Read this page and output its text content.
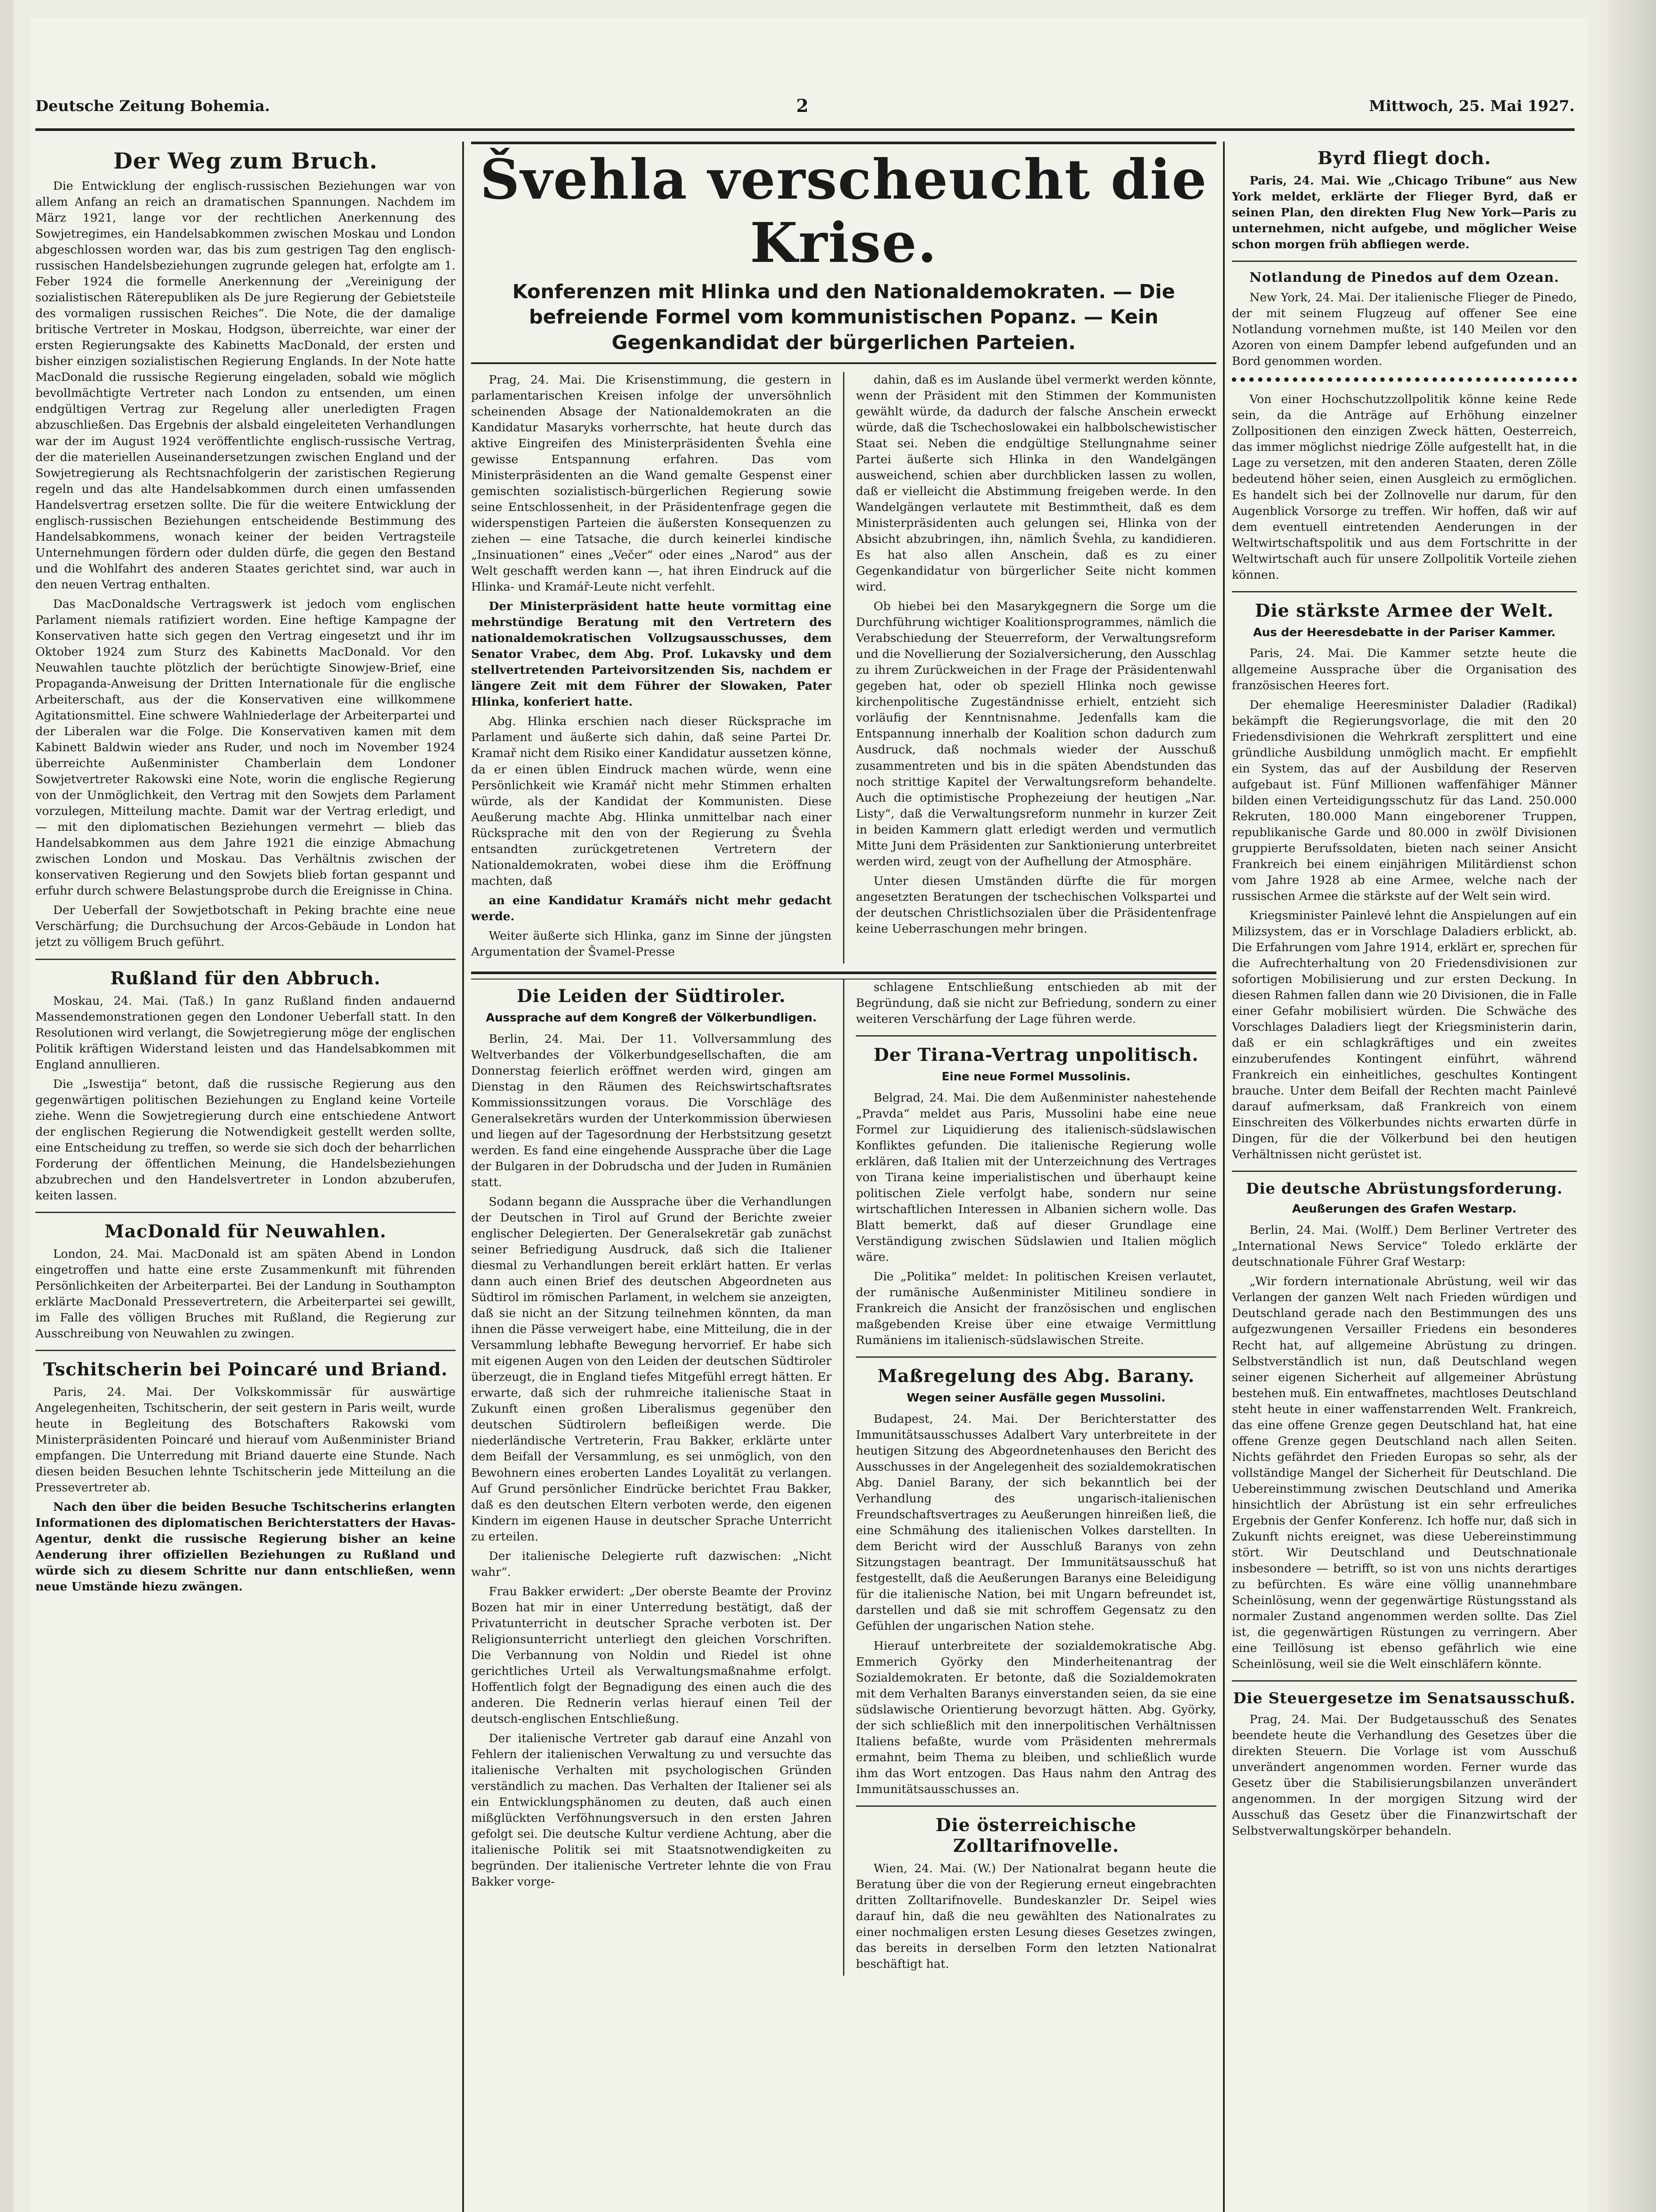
Deutsche Zeitung Bohemia.	2	Mittwoch, 25. Mai 1927.
Der Weg zum Bruch.

Die Entwicklung der englisch-russischen Beziehungen war von allem Anfang an reich an dramatischen Spannungen. Nachdem im März 1921, lange vor der rechtlichen Anerkennung des Sowjetregimes, ein Handelsabkommen zwischen Moskau und London abgeschlossen worden war, das bis zum gestrigen Tag den englisch-russischen Handelsbeziehungen zugrunde gelegen hat, erfolgte am 1. Feber 1924 die formelle Anerkennung der „Vereinigung der sozialistischen Räterepubliken als De jure Regierung der Gebietsteile des vormaligen russischen Reiches“. Die Note, die der damalige britische Vertreter in Moskau, Hodgson, überreichte, war einer der ersten Regierungsakte des Kabinetts MacDonald, der ersten und bisher einzigen sozialistischen Regierung Englands. In der Note hatte MacDonald die russische Regierung eingeladen, sobald wie möglich bevollmächtigte Vertreter nach London zu entsenden, um einen endgültigen Vertrag zur Regelung aller unerledigten Fragen abzuschließen. Das Ergebnis der alsbald eingeleiteten Verhandlungen war der im August 1924 veröffentlichte englisch-russische Vertrag, der die materiellen Auseinandersetzungen zwischen England und der Sowjetregierung als Rechtsnachfolgerin der zaristischen Regierung regeln und das alte Handelsabkommen durch einen umfassenden Handelsvertrag ersetzen sollte. Die für die weitere Entwicklung der englisch-russischen Beziehungen entscheidende Bestimmung des Handelsabkommens, wonach keiner der beiden Vertragsteile Unternehmungen fördern oder dulden dürfe, die gegen den Bestand und die Wohlfahrt des anderen Staates gerichtet sind, war auch in den neuen Vertrag enthalten.

Das MacDonaldsche Vertragswerk ist jedoch vom englischen Parlament niemals ratifiziert worden. Eine heftige Kampagne der Konservativen hatte sich gegen den Vertrag eingesetzt und ihr im Oktober 1924 zum Sturz des Kabinetts MacDonald. Vor den Neuwahlen tauchte plötzlich der berüchtigte Sinowjew-Brief, eine Propaganda-Anweisung der Dritten Internationale für die englische Arbeiterschaft, aus der die Konservativen eine willkommene Agitationsmittel. Eine schwere Wahlniederlage der Arbeiterpartei und der Liberalen war die Folge. Die Konservativen kamen mit dem Kabinett Baldwin wieder ans Ruder, und noch im November 1924 überreichte Außenminister Chamberlain dem Londoner Sowjetvertreter Rakowski eine Note, worin die englische Regierung von der Unmöglichkeit, den Vertrag mit den Sowjets dem Parlament vorzulegen, Mitteilung machte. Damit war der Vertrag erledigt, und — mit den diplomatischen Beziehungen vermehrt — blieb das Handelsabkommen aus dem Jahre 1921 die einzige Abmachung zwischen London und Moskau. Das Verhältnis zwischen der konservativen Regierung und den Sowjets blieb fortan gespannt und erfuhr durch schwere Belastungsprobe durch die Ereignisse in China.

Der Ueberfall der Sowjetbotschaft in Peking brachte eine neue Verschärfung; die Durchsuchung der Arcos-Gebäude in London hat jetzt zu völligem Bruch geführt.

Rußland für den Abbruch.

Moskau, 24. Mai. (Taß.) In ganz Rußland finden andauernd Massendemonstrationen gegen den Londoner Ueberfall statt. In den Resolutionen wird verlangt, die Sowjetregierung möge der englischen Politik kräftigen Widerstand leisten und das Handelsabkommen mit England annullieren.

Die „Iswestija“ betont, daß die russische Regierung aus den gegenwärtigen politischen Beziehungen zu England keine Vorteile ziehe. Wenn die Sowjetregierung durch eine entschiedene Antwort der englischen Regierung die Notwendigkeit gestellt werden sollte, eine Entscheidung zu treffen, so werde sie sich doch der beharrlichen Forderung der öffentlichen Meinung, die Handelsbeziehungen abzubrechen und den Handelsvertreter in London abzuberufen, keiten lassen.

MacDonald für Neuwahlen.

London, 24. Mai. MacDonald ist am späten Abend in London eingetroffen und hatte eine erste Zusammenkunft mit führenden Persönlichkeiten der Arbeiterpartei. Bei der Landung in Southampton erklärte MacDonald Pressevertretern, die Arbeiterpartei sei gewillt, im Falle des völligen Bruches mit Rußland, die Regierung zur Ausschreibung von Neuwahlen zu zwingen.

Tschitscherin bei Poincaré und Briand.

Paris, 24. Mai. Der Volkskommissär für auswärtige Angelegenheiten, Tschitscherin, der seit gestern in Paris weilt, wurde heute in Begleitung des Botschafters Rakowski vom Ministerpräsidenten Poincaré und hierauf vom Außenminister Briand empfangen. Die Unterredung mit Briand dauerte eine Stunde. Nach diesen beiden Besuchen lehnte Tschitscherin jede Mitteilung an die Pressevertreter ab.

Nach den über die beiden Besuche Tschitscherins erlangten Informationen des diplomatischen Berichterstatters der Havas-Agentur, denkt die russische Regierung bisher an keine Aenderung ihrer offiziellen Beziehungen zu Rußland und würde sich zu diesem Schritte nur dann entschließen, wenn neue Umstände hiezu zwängen.

Švehla verscheucht die Krise.
Konferenzen mit Hlinka und den Nationaldemokraten. — Die befreiende Formel vom kommunistischen Popanz. — Kein Gegenkandidat der bürgerlichen Parteien.

Prag, 24. Mai. Die Krisenstimmung, die gestern in parlamentarischen Kreisen infolge der unversöhnlich scheinenden Absage der Nationaldemokraten an die Kandidatur Masaryks vorherrschte, hat heute durch das aktive Eingreifen des Ministerpräsidenten Švehla eine gewisse Entspannung erfahren. Das vom Ministerpräsidenten an die Wand gemalte Gespenst einer gemischten sozialistisch-bürgerlichen Regierung sowie seine Entschlossenheit, in der Präsidentenfrage gegen die widerspenstigen Parteien die äußersten Konsequenzen zu ziehen — eine Tatsache, die durch keinerlei kindische „Insinuationen“ eines „Večer“ oder eines „Narod“ aus der Welt geschafft werden kann —, hat ihren Eindruck auf die Hlinka- und Kramář-Leute nicht verfehlt.

Der Ministerpräsident hatte heute vormittag eine mehrstündige Beratung mit den Vertretern des nationaldemokratischen Vollzugsausschusses, dem Senator Vrabec, dem Abg. Prof. Lukavsky und dem stellvertretenden Parteivorsitzenden Sis, nachdem er längere Zeit mit dem Führer der Slowaken, Pater Hlinka, konferiert hatte.

Abg. Hlinka erschien nach dieser Rücksprache im Parlament und äußerte sich dahin, daß seine Partei Dr. Kramař nicht dem Risiko einer Kandidatur aussetzen könne, da er einen üblen Eindruck machen würde, wenn eine Persönlichkeit wie Kramář nicht mehr Stimmen erhalten würde, als der Kandidat der Kommunisten. Diese Aeußerung machte Abg. Hlinka unmittelbar nach einer Rücksprache mit den von der Regierung zu Švehla entsandten zurückgetretenen Vertretern der Nationaldemokraten, wobei diese ihm die Eröffnung machten, daß

an eine Kandidatur Kramářs nicht mehr gedacht werde.

Weiter äußerte sich Hlinka, ganz im Sinne der jüngsten Argumentation der Švamel-Presse

dahin, daß es im Auslande übel vermerkt werden könnte, wenn der Präsident mit den Stimmen der Kommunisten gewählt würde, da dadurch der falsche Anschein erweckt würde, daß die Tschechoslowakei ein halbbolschewistischer Staat sei. Neben die endgültige Stellungnahme seiner Partei äußerte sich Hlinka in den Wandelgängen ausweichend, schien aber durchblicken lassen zu wollen, daß er vielleicht die Abstimmung freigeben werde. In den Wandelgängen verlautete mit Bestimmtheit, daß es dem Ministerpräsidenten auch gelungen sei, Hlinka von der Absicht abzubringen, ihn, nämlich Švehla, zu kandidieren. Es hat also allen Anschein, daß es zu einer Gegenkandidatur von bürgerlicher Seite nicht kommen wird.

Ob hiebei bei den Masarykgegnern die Sorge um die Durchführung wichtiger Koalitionsprogrammes, nämlich die Verabschiedung der Steuerreform, der Verwaltungsreform und die Novellierung der Sozialversicherung, den Ausschlag zu ihrem Zurückweichen in der Frage der Präsidentenwahl gegeben hat, oder ob speziell Hlinka noch gewisse kirchenpolitische Zugeständnisse erhielt, entzieht sich vorläufig der Kenntnisnahme. Jedenfalls kam die Entspannung innerhalb der Koalition schon dadurch zum Ausdruck, daß nochmals wieder der Ausschuß zusammentreten und bis in die späten Abendstunden das noch strittige Kapitel der Verwaltungsreform behandelte. Auch die optimistische Prophezeiung der heutigen „Nar. Listy“, daß die Verwaltungsreform nunmehr in kurzer Zeit in beiden Kammern glatt erledigt werden und vermutlich Mitte Juni dem Präsidenten zur Sanktionierung unterbreitet werden wird, zeugt von der Aufhellung der Atmosphäre.

Unter diesen Umständen dürfte die für morgen angesetzten Beratungen der tschechischen Volkspartei und der deutschen Christlichsozialen über die Präsidentenfrage keine Ueberraschungen mehr bringen.

Die Leiden der Südtiroler.
Aussprache auf dem Kongreß der Völkerbundligen.

Berlin, 24. Mai. Der 11. Vollversammlung des Weltverbandes der Völkerbundgesellschaften, die am Donnerstag feierlich eröffnet werden wird, gingen am Dienstag in den Räumen des Reichswirtschaftsrates Kommissionssitzungen voraus. Die Vorschläge des Generalsekretärs wurden der Unterkommission überwiesen und liegen auf der Tagesordnung der Herbstsitzung gesetzt werden. Es fand eine eingehende Aussprache über die Lage der Bulgaren in der Dobrudscha und der Juden in Rumänien statt.

Sodann begann die Aussprache über die Verhandlungen der Deutschen in Tirol auf Grund der Berichte zweier englischer Delegierten. Der Generalsekretär gab zunächst seiner Befriedigung Ausdruck, daß sich die Italiener diesmal zu Verhandlungen bereit erklärt hatten. Er verlas dann auch einen Brief des deutschen Abgeordneten aus Südtirol im römischen Parlament, in welchem sie anzeigten, daß sie nicht an der Sitzung teilnehmen könnten, da man ihnen die Pässe verweigert habe, eine Mitteilung, die in der Versammlung lebhafte Bewegung hervorrief. Er habe sich mit eigenen Augen von den Leiden der deutschen Südtiroler überzeugt, die in England tiefes Mitgefühl erregt hätten. Er erwarte, daß sich der ruhmreiche italienische Staat in Zukunft einen großen Liberalismus gegenüber den deutschen Südtirolern befleißigen werde. Die niederländische Vertreterin, Frau Bakker, erklärte unter dem Beifall der Versammlung, es sei unmöglich, von den Bewohnern eines eroberten Landes Loyalität zu verlangen. Auf Grund persönlicher Eindrücke berichtet Frau Bakker, daß es den deutschen Eltern verboten werde, den eigenen Kindern im eigenen Hause in deutscher Sprache Unterricht zu erteilen.

Der italienische Delegierte ruft dazwischen: „Nicht wahr“.

Frau Bakker erwidert: „Der oberste Beamte der Provinz Bozen hat mir in einer Unterredung bestätigt, daß der Privatunterricht in deutscher Sprache verboten ist. Der Religionsunterricht unterliegt den gleichen Vorschriften. Die Verbannung von Noldin und Riedel ist ohne gerichtliches Urteil als Verwaltungsmaßnahme erfolgt. Hoffentlich folgt der Begnadigung des einen auch die des anderen. Die Rednerin verlas hierauf einen Teil der deutsch-englischen Entschließung.

Der italienische Vertreter gab darauf eine Anzahl von Fehlern der italienischen Verwaltung zu und versuchte das italienische Verhalten mit psychologischen Gründen verständlich zu machen. Das Verhalten der Italiener sei als ein Entwicklungsphänomen zu deuten, daß auch einen mißglückten Verföhnungsversuch in den ersten Jahren gefolgt sei. Die deutsche Kultur verdiene Achtung, aber die italienische Politik sei mit Staatsnotwendigkeiten zu begründen. Der italienische Vertreter lehnte die von Frau Bakker vorge-

schlagene Entschließung entschieden ab mit der Begründung, daß sie nicht zur Befriedung, sondern zu einer weiteren Verschärfung der Lage führen werde.

Der Tirana-Vertrag unpolitisch.
Eine neue Formel Mussolinis.

Belgrad, 24. Mai. Die dem Außenminister nahestehende „Pravda“ meldet aus Paris, Mussolini habe eine neue Formel zur Liquidierung des italienisch-südslawischen Konfliktes gefunden. Die italienische Regierung wolle erklären, daß Italien mit der Unterzeichnung des Vertrages von Tirana keine imperialistischen und überhaupt keine politischen Ziele verfolgt habe, sondern nur seine wirtschaftlichen Interessen in Albanien sichern wolle. Das Blatt bemerkt, daß auf dieser Grundlage eine Verständigung zwischen Südslawien und Italien möglich wäre.

Die „Politika“ meldet: In politischen Kreisen verlautet, der rumänische Außenminister Mitilineu sondiere in Frankreich die Ansicht der französischen und englischen maßgebenden Kreise über eine etwaige Vermittlung Rumäniens im italienisch-südslawischen Streite.

Maßregelung des Abg. Barany.
Wegen seiner Ausfälle gegen Mussolini.

Budapest, 24. Mai. Der Berichterstatter des Immunitätsausschusses Adalbert Vary unterbreitete in der heutigen Sitzung des Abgeordnetenhauses den Bericht des Ausschusses in der Angelegenheit des sozialdemokratischen Abg. Daniel Barany, der sich bekanntlich bei der Verhandlung des ungarisch-italienischen Freundschaftsvertrages zu Aeußerungen hinreißen ließ, die eine Schmähung des italienischen Volkes darstellten. In dem Bericht wird der Ausschluß Baranys von zehn Sitzungstagen beantragt. Der Immunitätsausschuß hat festgestellt, daß die Aeußerungen Baranys eine Beleidigung für die italienische Nation, bei mit Ungarn befreundet ist, darstellen und daß sie mit schroffem Gegensatz zu den Gefühlen der ungarischen Nation stehe.

Hierauf unterbreitete der sozialdemokratische Abg. Emmerich Györky den Minderheitenantrag der Sozialdemokraten. Er betonte, daß die Sozialdemokraten mit dem Verhalten Baranys einverstanden seien, da sie eine südslawische Orientierung bevorzugt hätten. Abg. Györky, der sich schließlich mit den innerpolitischen Verhältnissen Italiens befaßte, wurde vom Präsidenten mehrermals ermahnt, beim Thema zu bleiben, und schließlich wurde ihm das Wort entzogen. Das Haus nahm den Antrag des Immunitätsausschusses an.

Die österreichische Zolltarifnovelle.

Wien, 24. Mai. (W.) Der Nationalrat begann heute die Beratung über die von der Regierung erneut eingebrachten dritten Zolltarifnovelle. Bundeskanzler Dr. Seipel wies darauf hin, daß die neu gewählten des Nationalrates zu einer nochmaligen ersten Lesung dieses Gesetzes zwingen, das bereits in derselben Form den letzten Nationalrat beschäftigt hat.

Byrd fliegt doch.

Paris, 24. Mai. Wie „Chicago Tribune“ aus New York meldet, erklärte der Flieger Byrd, daß er seinen Plan, den direkten Flug New York—Paris zu unternehmen, nicht aufgebe, und möglicher Weise schon morgen früh abfliegen werde.

Notlandung de Pinedos auf dem Ozean.

New York, 24. Mai. Der italienische Flieger de Pinedo, der mit seinem Flugzeug auf offener See eine Notlandung vornehmen mußte, ist 140 Meilen vor den Azoren von einem Dampfer lebend aufgefunden und an Bord genommen worden.

Von einer Hochschutzzollpolitik könne keine Rede sein, da die Anträge auf Erhöhung einzelner Zollpositionen den einzigen Zweck hätten, Oesterreich, das immer möglichst niedrige Zölle aufgestellt hat, in die Lage zu versetzen, mit den anderen Staaten, deren Zölle bedeutend höher seien, einen Ausgleich zu ermöglichen. Es handelt sich bei der Zollnovelle nur darum, für den Augenblick Vorsorge zu treffen. Wir hoffen, daß wir auf dem eventuell eintretenden Aenderungen in der Weltwirtschaftspolitik und aus dem Fortschritte in der Weltwirtschaft auch für unsere Zollpolitik Vorteile ziehen können.

Die stärkste Armee der Welt.
Aus der Heeresdebatte in der Pariser Kammer.

Paris, 24. Mai. Die Kammer setzte heute die allgemeine Aussprache über die Organisation des französischen Heeres fort.

Der ehemalige Heeresminister Daladier (Radikal) bekämpft die Regierungsvorlage, die mit den 20 Friedensdivisionen die Wehrkraft zersplittert und eine gründliche Ausbildung unmöglich macht. Er empfiehlt ein System, das auf der Ausbildung der Reserven aufgebaut ist. Fünf Millionen waffenfähiger Männer bilden einen Verteidigungsschutz für das Land. 250.000 Rekruten, 180.000 Mann eingeborener Truppen, republikanische Garde und 80.000 in zwölf Divisionen gruppierte Berufssoldaten, bieten nach seiner Ansicht Frankreich bei einem einjährigen Militärdienst schon vom Jahre 1928 ab eine Armee, welche nach der russischen Armee die stärkste auf der Welt sein wird.

Kriegsminister Painlevé lehnt die Anspielungen auf ein Milizsystem, das er in Vorschlage Daladiers erblickt, ab. Die Erfahrungen vom Jahre 1914, erklärt er, sprechen für die Aufrechterhaltung von 20 Friedensdivisionen zur sofortigen Mobilisierung und zur ersten Deckung. In diesen Rahmen fallen dann wie 20 Divisionen, die in Falle einer Gefahr mobilisiert würden. Die Schwäche des Vorschlages Daladiers liegt der Kriegsministerin darin, daß er ein schlagkräftiges und ein zweites einzuberufendes Kontingent einführt, während Frankreich ein einheitliches, geschultes Kontingent brauche. Unter dem Beifall der Rechten macht Painlevé darauf aufmerksam, daß Frankreich von einem Einschreiten des Völkerbundes nichts erwarten dürfe in Dingen, für die der Völkerbund bei den heutigen Verhältnissen nicht gerüstet ist.

Die deutsche Abrüstungsforderung.
Aeußerungen des Grafen Westarp.

Berlin, 24. Mai. (Wolff.) Dem Berliner Vertreter des „International News Service“ Toledo erklärte der deutschnationale Führer Graf Westarp:

„Wir fordern internationale Abrüstung, weil wir das Verlangen der ganzen Welt nach Frieden würdigen und Deutschland gerade nach den Bestimmungen des uns aufgezwungenen Versailler Friedens ein besonderes Recht hat, auf allgemeine Abrüstung zu dringen. Selbstverständlich ist nun, daß Deutschland wegen seiner eigenen Sicherheit auf allgemeiner Abrüstung bestehen muß. Ein entwaffnetes, machtloses Deutschland steht heute in einer waffenstarrenden Welt. Frankreich, das eine offene Grenze gegen Deutschland hat, hat eine offene Grenze gegen Deutschland nach allen Seiten. Nichts gefährdet den Frieden Europas so sehr, als der vollständige Mangel der Sicherheit für Deutschland. Die Uebereinstimmung zwischen Deutschland und Amerika hinsichtlich der Abrüstung ist ein sehr erfreuliches Ergebnis der Genfer Konferenz. Ich hoffe nur, daß sich in Zukunft nichts ereignet, was diese Uebereinstimmung stört. Wir Deutschland und Deutschnationale insbesondere — betrifft, so ist von uns nichts derartiges zu befürchten. Es wäre eine völlig unannehmbare Scheinlösung, wenn der gegenwärtige Rüstungsstand als normaler Zustand angenommen werden sollte. Das Ziel ist, die gegenwärtigen Rüstungen zu verringern. Aber eine Teillösung ist ebenso gefährlich wie eine Scheinlösung, weil sie die Welt einschläfern könnte.

Die Steuergesetze im Senatsausschuß.

Prag, 24. Mai. Der Budgetausschuß des Senates beendete heute die Verhandlung des Gesetzes über die direkten Steuern. Die Vorlage ist vom Ausschuß unverändert angenommen worden. Ferner wurde das Gesetz über die Stabilisierungsbilanzen unverändert angenommen. In der morgigen Sitzung wird der Ausschuß das Gesetz über die Finanzwirtschaft der Selbstverwaltungskörper behandeln.
